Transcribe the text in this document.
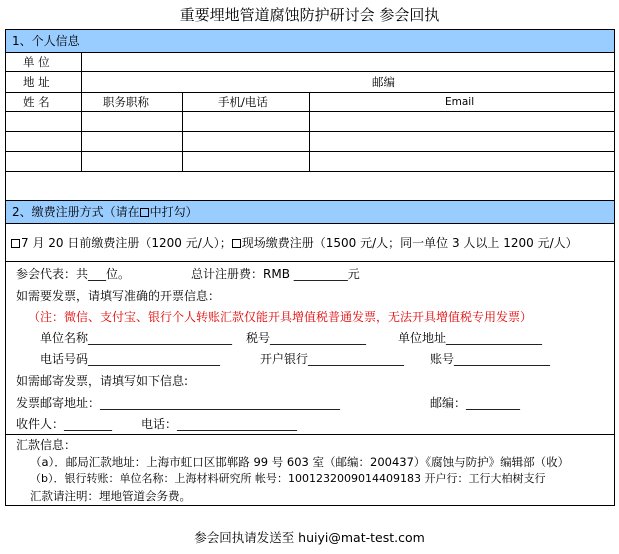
重要埋地管道腐蚀防护研讨会 参会回执
1、个人信息
单 位
地 址	邮编
姓 名	职务职称	手机/电话	Email
2、缴费注册方式（请在 中打勾）
7 月 20 日前缴费注册（1200 元/人）； 现场缴费注册（1500 元/人；同一单位 3 人以上 1200 元/人）
参会代表：共___位。	总计注册费：RMB _________元
如需要发票，请填写准确的开票信息：
（注：微信、支付宝、银行个人转账汇款仅能开具增值税普通发票，无法开具增值税专用发票）
单位名称________________________ 税号________________	单位地址________________
电话号码______________________	开户银行________________ 账号________________
如需邮寄发票，请填写如下信息:
发票邮寄地址：________________________________________	邮编：_________
收件人：________ 电话：____________________
汇款信息：
（a）．邮局汇款地址：上海市虹口区邯郸路 99 号 603 室（邮编：200437）《腐蚀与防护》编辑部（收）
（b）．银行转账：单位名称：上海材料研究所 帐号：1001232009014409183 开户行：工行大柏树支行
汇款请注明：埋地管道会务费。
参会回执请发送至 huiyi@mat-test.com
